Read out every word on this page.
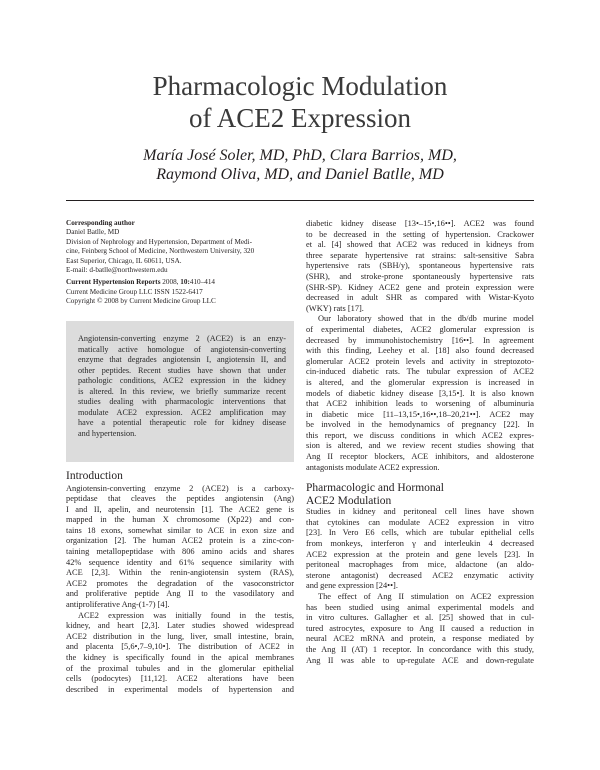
Pharmacologic Modulation
of ACE2 Expression
María José Soler, MD, PhD, Clara Barrios, MD,
Raymond Oliva, MD, and Daniel Batlle, MD
Corresponding author
Daniel Batlle, MD
Division of Nephrology and Hypertension, Department of Medi-
cine, Feinberg School of Medicine, Northwestern University, 320
East Superior, Chicago, IL 60611, USA.
E-mail: d-batlle@northwestern.edu
Current Hypertension Reports 2008, 10:410–414
Current Medicine Group LLC ISSN 1522-6417
Copyright © 2008 by Current Medicine Group LLC
Introduction
Angiotensin-converting enzyme 2 (ACE2) is a carboxy-
peptidase that cleaves the peptides angiotensin (Ang)
I and II, apelin, and neurotensin [1]. The ACE2 gene is
mapped in the human X chromosome (Xp22) and con-
tains 18 exons, somewhat similar to ACE in exon size and
organization [2]. The human ACE2 protein is a zinc-con-
taining metallopeptidase with 806 amino acids and shares
42% sequence identity and 61% sequence similarity with
ACE [2,3]. Within the renin-angiotensin system (RAS),
ACE2 promotes the degradation of the vasoconstrictor
and proliferative peptide Ang II to the vasodilatory and
antiproliferative Ang-(1-7) [4].
ACE2 expression was initially found in the testis,
kidney, and heart [2,3]. Later studies showed widespread
ACE2 distribution in the lung, liver, small intestine, brain,
and placenta [5,6•,7–9,10•]. The distribution of ACE2 in
the kidney is specifically found in the apical membranes
of the proximal tubules and in the glomerular epithelial
cells (podocytes) [11,12]. ACE2 alterations have been
described in experimental models of hypertension and
Angiotensin-converting enzyme 2 (ACE2) is an enzy-
matically active homologue of angiotensin-converting
enzyme that degrades angiotensin I, angiotensin II, and
other peptides. Recent studies have shown that under
pathologic conditions, ACE2 expression in the kidney
is altered. In this review, we briefly summarize recent
studies dealing with pharmacologic interventions that
modulate ACE2 expression. ACE2 amplification may
have a potential therapeutic role for kidney disease
and hypertension.
diabetic kidney disease [13•–15•,16••]. ACE2 was found
to be decreased in the setting of hypertension. Crackower
et al. [4] showed that ACE2 was reduced in kidneys from
three separate hypertensive rat strains: salt-sensitive Sabra
hypertensive rats (SBH/y), spontaneous hypertensive rats
(SHR), and stroke-prone spontaneously hypertensive rats
(SHR-SP). Kidney ACE2 gene and protein expression were
decreased in adult SHR as compared with Wistar-Kyoto
(WKY) rats [17].
Our laboratory showed that in the db/db murine model
of experimental diabetes, ACE2 glomerular expression is
decreased by immunohistochemistry [16••]. In agreement
with this finding, Leehey et al. [18] also found decreased
glomerular ACE2 protein levels and activity in streptozoto-
cin-induced diabetic rats. The tubular expression of ACE2
is altered, and the glomerular expression is increased in
models of diabetic kidney disease [3,15•]. It is also known
that ACE2 inhibition leads to worsening of albuminuria
in diabetic mice [11–13,15•,16••,18–20,21••]. ACE2 may
be involved in the hemodynamics of pregnancy [22]. In
this report, we discuss conditions in which ACE2 expres-
sion is altered, and we review recent studies showing that
Ang II receptor blockers, ACE inhibitors, and aldosterone
antagonists modulate ACE2 expression.
Pharmacologic and Hormonal
ACE2 Modulation
Studies in kidney and peritoneal cell lines have shown
that cytokines can modulate ACE2 expression in vitro
[23]. In Vero E6 cells, which are tubular epithelial cells
from monkeys, interferon γ and interleukin 4 decreased
ACE2 expression at the protein and gene levels [23]. In
peritoneal macrophages from mice, aldactone (an aldo-
sterone antagonist) decreased ACE2 enzymatic activity
and gene expression [24••].
The effect of Ang II stimulation on ACE2 expression
has been studied using animal experimental models and
in vitro cultures. Gallagher et al. [25] showed that in cul-
tured astrocytes, exposure to Ang II caused a reduction in
neural ACE2 mRNA and protein, a response mediated by
the Ang II (AT) 1 receptor. In concordance with this study,
Ang II was able to up-regulate ACE and down-regulate
